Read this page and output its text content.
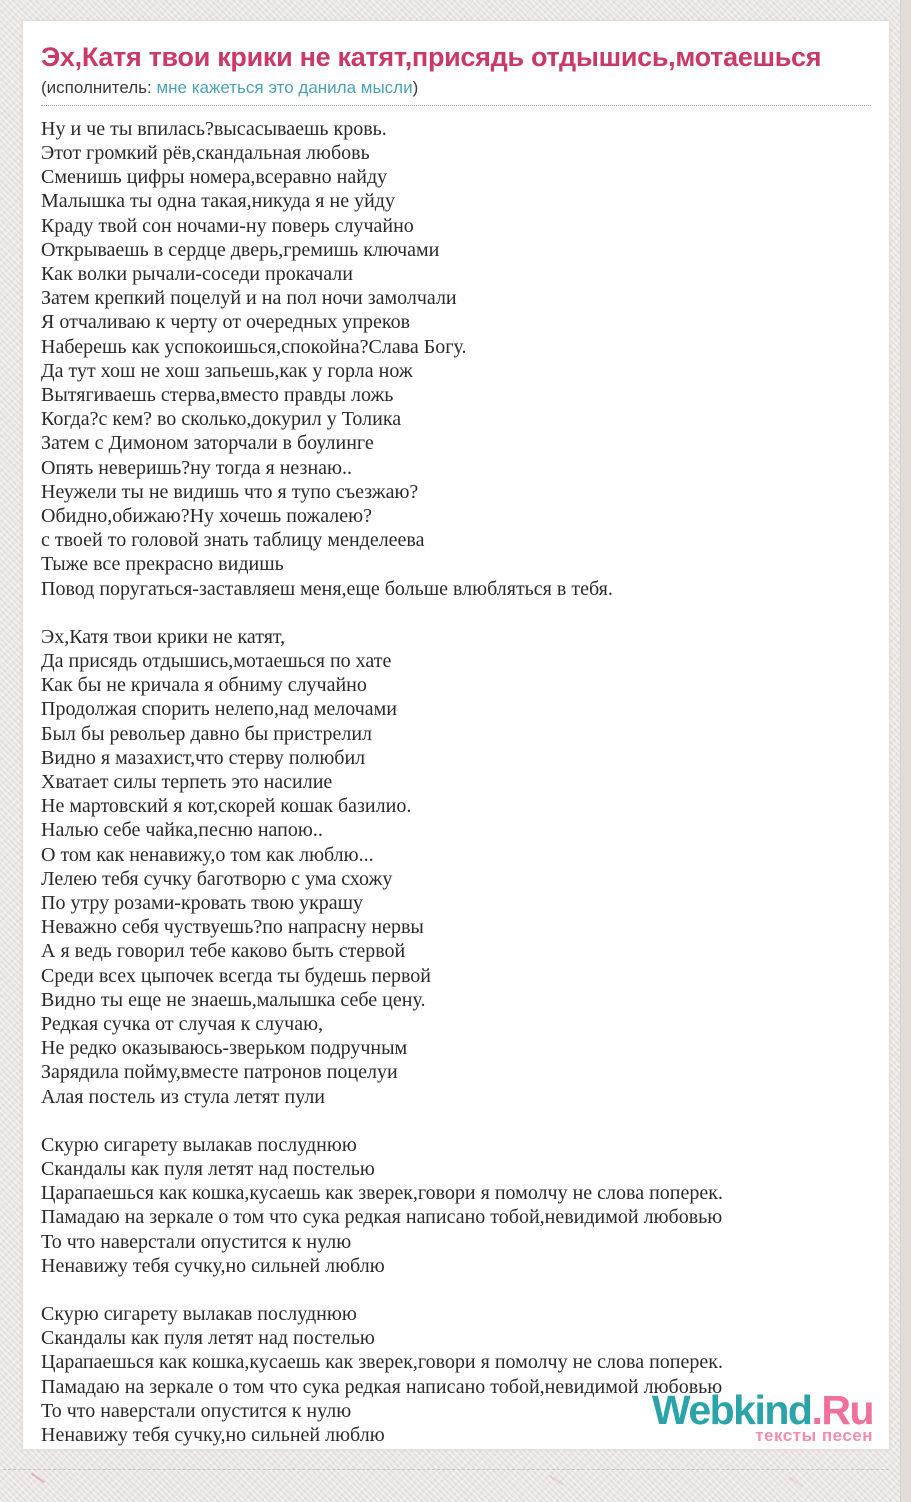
Эх,Катя твои крики не катят,присядь отдышись,мотаешься
(исполнитель: мне кажеться это данила мысли)
Ну и че ты впилась?высасываешь кровь.
Этот громкий рёв,скандальная любовь
Сменишь цифры номера,всеравно найду
Малышка ты одна такая,никуда я не уйду
Краду твой сон ночами-ну поверь случайно
Открываешь в сердце дверь,гремишь ключами
Как волки рычали-соседи прокачали
Затем крепкий поцелуй и на пол ночи замолчали
Я отчаливаю к черту от очередных упреков
Наберешь как успокоишься,спокойна?Слава Богу.
Да тут хош не хош запьешь,как у горла нож
Вытягиваешь стерва,вместо правды ложь
Когда?с кем? во сколько,докурил у Толика
Затем с Димоном заторчали в боулинге
Опять неверишь?ну тогда я незнаю..
Неужели ты не видишь что я тупо съезжаю?
Обидно,обижаю?Ну хочешь пожалею?
с твоей то головой знать таблицу менделеева
Тыже все прекрасно видишь
Повод поругаться-заставляеш меня,еще больше влюбляться в тебя.
Эх,Катя твои крики не катят,
Да присядь отдышись,мотаешься по хате
Как бы не кричала я обниму случайно
Продолжая спорить нелепо,над мелочами
Был бы револьер давно бы пристрелил
Видно я мазахист,что стерву полюбил
Хватает силы терпеть это насилие
Не мартовский я кот,скорей кошак базилио.
Налью себе чайка,песню напою..
О том как ненавижу,о том как люблю...
Лелею тебя сучку баготворю с ума схожу
По утру розами-кровать твою украшу
Неважно себя чуствуешь?по напрасну нервы
А я ведь говорил тебе каково быть стервой
Среди всех цыпочек всегда ты будешь первой
Видно ты еще не знаешь,малышка себе цену.
Редкая сучка от случая к случаю,
Не редко оказываюсь-зверьком подручным
Зарядила пойму,вместе патронов поцелуи
Алая постель из стула летят пули
Скурю сигарету вылакав послуднюю
Скандалы как пуля летят над постелью
Царапаешься как кошка,кусаешь как зверек,говори я помолчу не слова поперек.
Памадаю на зеркале о том что сука редкая написано тобой,невидимой любовью
То что наверстали опустится к нулю
Ненавижу тебя сучку,но сильней люблю
Скурю сигарету вылакав послуднюю
Скандалы как пуля летят над постелью
Царапаешься как кошка,кусаешь как зверек,говори я помолчу не слова поперек.
Памадаю на зеркале о том что сука редкая написано тобой,невидимой любовью
То что наверстали опустится к нулю
Ненавижу тебя сучку,но сильней люблю
Webkind.Ru
тексты песен
